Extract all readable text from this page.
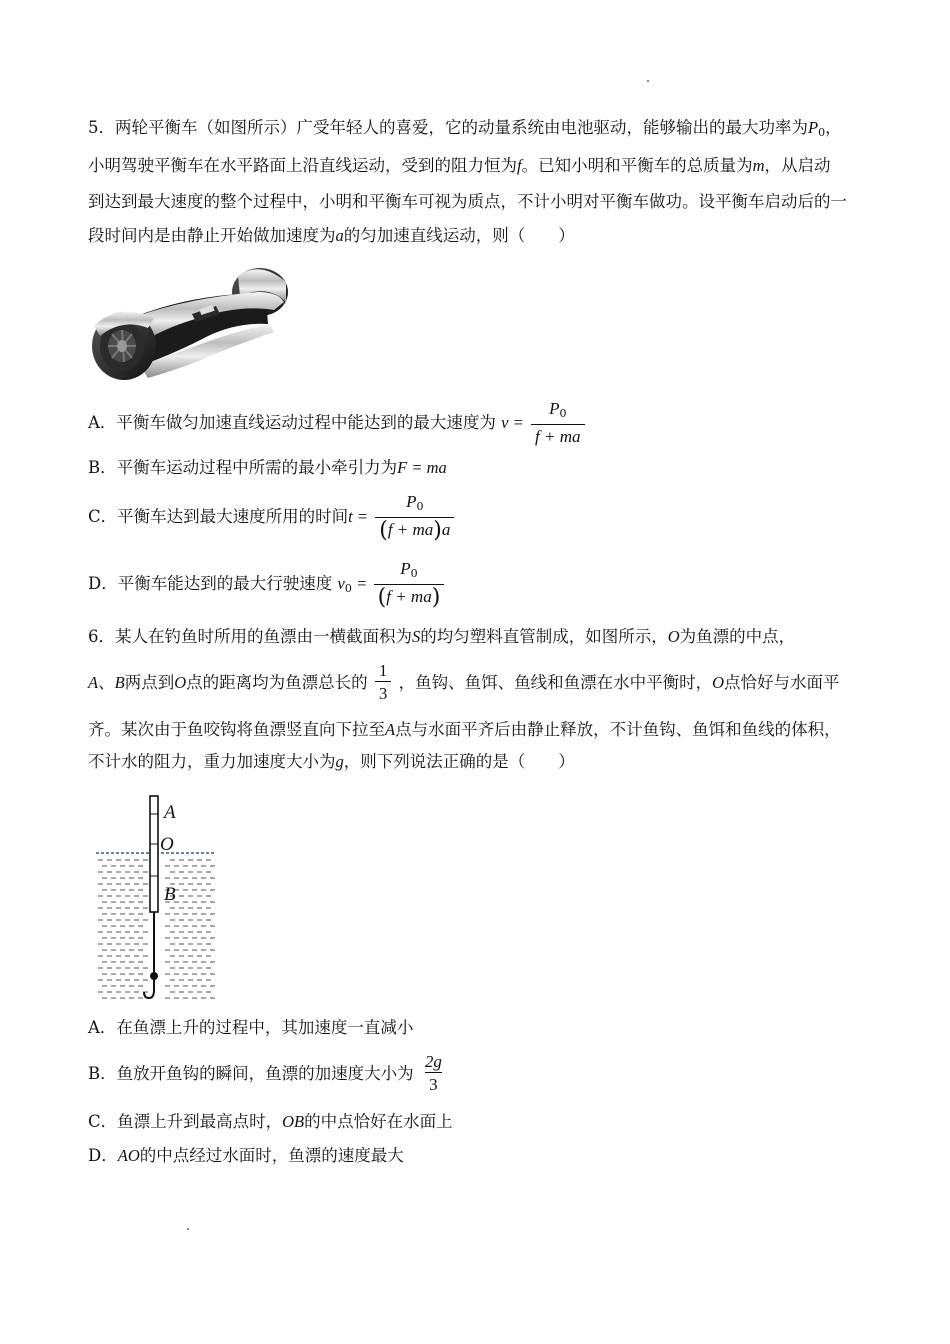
5．两轮平衡车（如图所示）广受年轻人的喜爱，它的动量系统由电池驱动，能够输出的最大功率为$P_0$，
小明驾驶平衡车在水平路面上沿直线运动，受到的阻力恒为f。已知小明和平衡车的总质量为m，从启动
到达到最大速度的整个过程中，小明和平衡车可视为质点，不计小明对平衡车做功。设平衡车启动后的一
段时间内是由静止开始做加速度为a的匀加速直线运动，则（　　）
A．平衡车做匀加速直线运动过程中能达到的最大速度为 $v = \frac{P_0}{f + ma}$
B．平衡车运动过程中所需的最小牵引力为F = ma
C．平衡车达到最大速度所用的时间$t = \frac{P_0}{(f + ma)a}$
D．平衡车能达到的最大行驶速度 $v_0 = \frac{P_0}{(f + ma)}$
6．某人在钓鱼时所用的鱼漂由一横截面积为S的均匀塑料直管制成，如图所示，O为鱼漂的中点，
A、B两点到O点的距离均为鱼漂总长的 $\frac{1}{3}$ ，鱼钩、鱼饵、鱼线和鱼漂在水中平衡时，O点恰好与水面平
齐。某次由于鱼咬钩将鱼漂竖直向下拉至A点与水面平齐后由静止释放，不计鱼钩、鱼饵和鱼线的体积，
不计水的阻力，重力加速度大小为g，则下列说法正确的是（　　）
A
O
B
A．在鱼漂上升的过程中，其加速度一直减小
B．鱼放开鱼钩的瞬间，鱼漂的加速度大小为 $\frac{2g}{3}$
C．鱼漂上升到最高点时，OB的中点恰好在水面上
D．AO的中点经过水面时，鱼漂的速度最大
